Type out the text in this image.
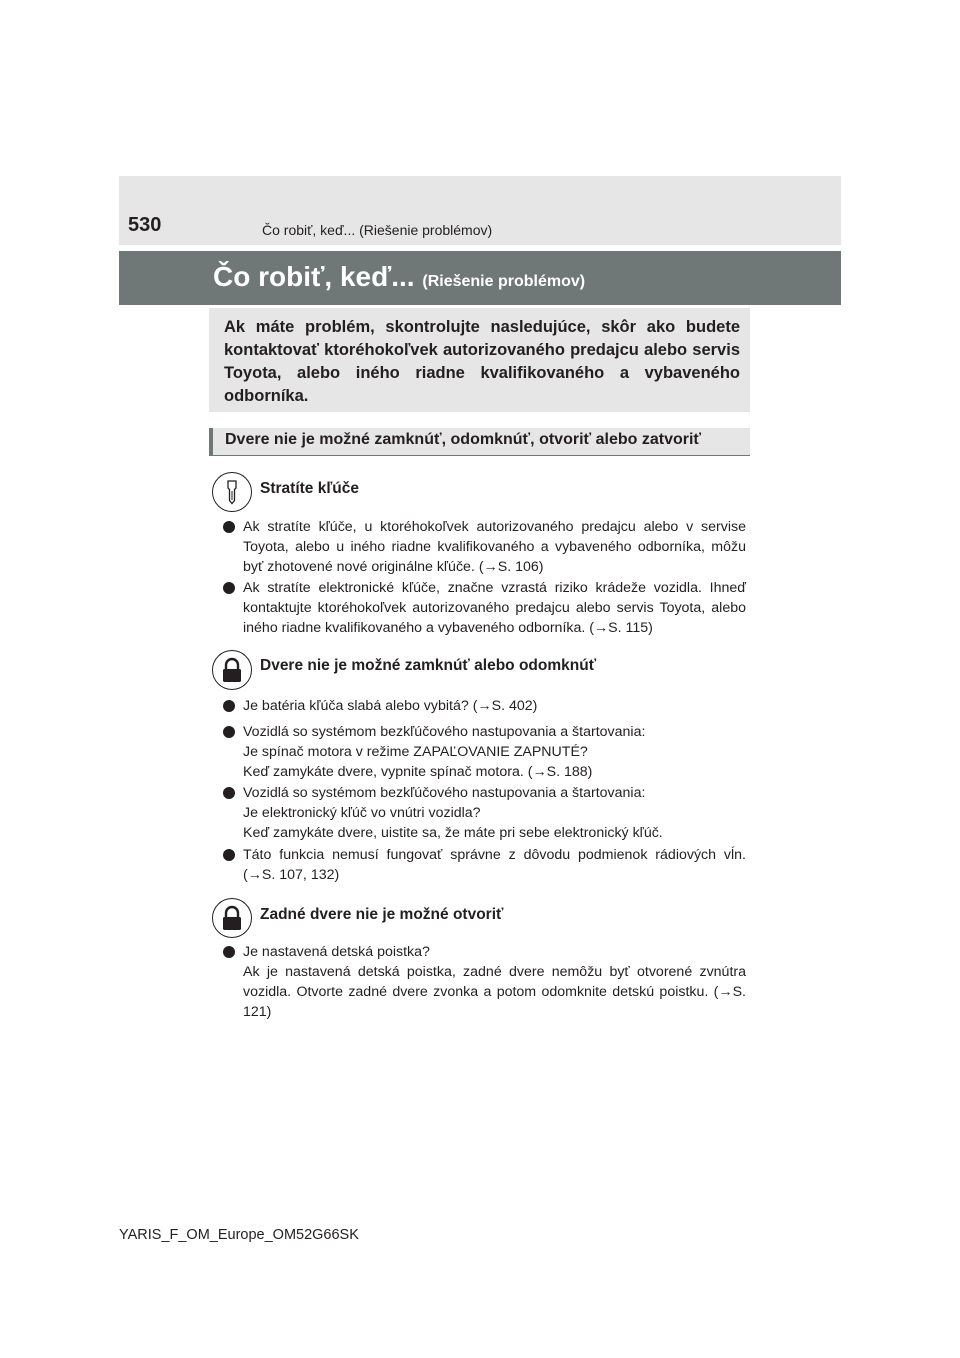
530	Čo robiť, keď... (Riešenie problémov)
Čo robiť, keď... (Riešenie problémov)
Ak máte problém, skontrolujte nasledujúce, skôr ako budete kontaktovať ktoréhokoľvek autorizovaného predajcu alebo servis Toyota, alebo iného riadne kvalifikovaného a vybaveného odborníka.
Dvere nie je možné zamknúť, odomknúť, otvoriť alebo zatvoriť
Stratíte kľúče
Ak stratíte kľúče, u ktoréhokoľvek autorizovaného predajcu alebo v servise Toyota, alebo u iného riadne kvalifikovaného a vybaveného odborníka, môžu byť zhotovené nové originálne kľúče. (→S. 106)
Ak stratíte elektronické kľúče, značne vzrastá riziko krádeže vozidla. Ihneď kontaktujte ktoréhokoľvek autorizovaného predajcu alebo servis Toyota, alebo iného riadne kvalifikovaného a vybaveného odborníka. (→S. 115)
Dvere nie je možné zamknúť alebo odomknúť
Je batéria kľúča slabá alebo vybitá? (→S. 402)
Vozidlá so systémom bezkľúčového nastupovania a štartovania:
Je spínač motora v režime ZAPAĽOVANIE ZAPNUTÉ?
Keď zamykáte dvere, vypnite spínač motora. (→S. 188)
Vozidlá so systémom bezkľúčového nastupovania a štartovania:
Je elektronický kľúč vo vnútri vozidla?
Keď zamykáte dvere, uistite sa, že máte pri sebe elektronický kľúč.
Táto funkcia nemusí fungovať správne z dôvodu podmienok rádiových vĺn. (→S. 107, 132)
Zadné dvere nie je možné otvoriť
Je nastavená detská poistka?
Ak je nastavená detská poistka, zadné dvere nemôžu byť otvorené zvnútra vozidla. Otvorte zadné dvere zvonka a potom odomknite detskú poistku. (→S. 121)
YARIS_F_OM_Europe_OM52G66SK
